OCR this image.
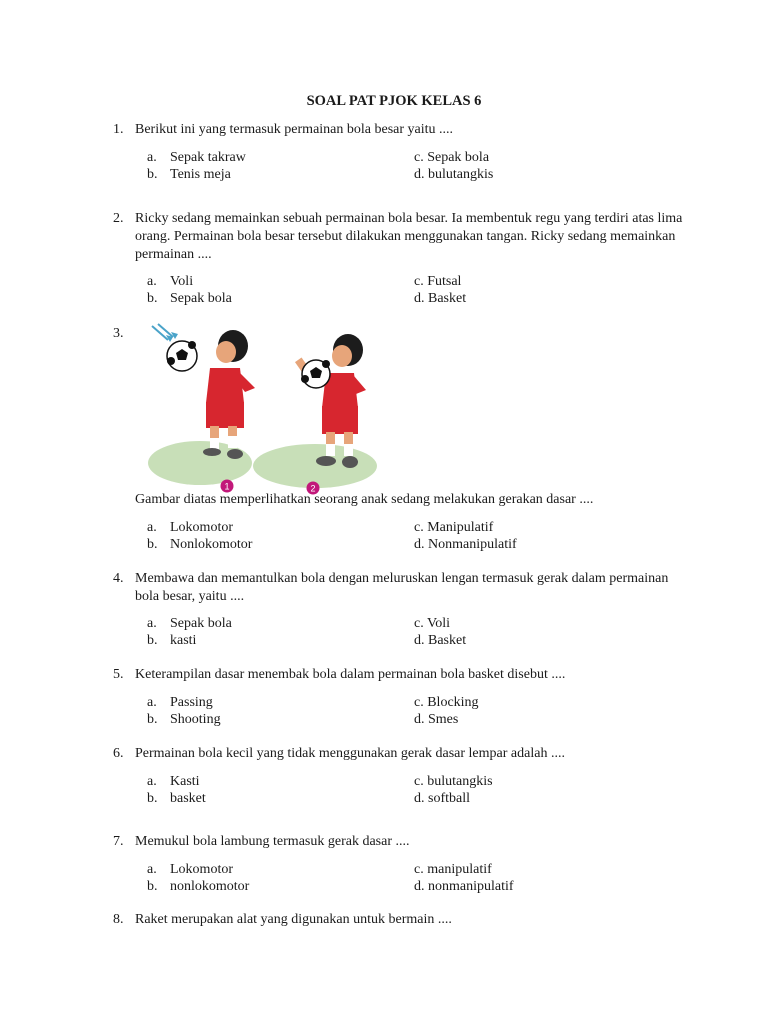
SOAL PAT PJOK KELAS 6
1. Berikut ini yang termasuk permainan bola besar yaitu ....
a. Sepak takraw
b. Tenis meja
c. Sepak bola
d. bulutangkis
2. Ricky sedang memainkan sebuah permainan bola besar. Ia membentuk regu yang terdiri atas lima orang. Permainan bola besar tersebut dilakukan menggunakan tangan. Ricky sedang memainkan permainan ....
a. Voli
b. Sepak bola
c. Futsal
d. Basket
3.
1	2
Gambar diatas memperlihatkan seorang anak sedang melakukan gerakan dasar ....
a. Lokomotor
b. Nonlokomotor
c. Manipulatif
d. Nonmanipulatif
4. Membawa dan memantulkan bola dengan meluruskan lengan termasuk gerak dalam permainan bola besar, yaitu ....
a. Sepak bola
b. kasti
c. Voli
d. Basket
5. Keterampilan dasar menembak bola dalam permainan bola basket disebut ....
a. Passing
b. Shooting
c. Blocking
d. Smes
6. Permainan bola kecil yang tidak menggunakan gerak dasar lempar adalah ....
a. Kasti
b. basket
c. bulutangkis
d. softball
7. Memukul bola lambung termasuk gerak dasar ....
a. Lokomotor
b. nonlokomotor
c. manipulatif
d. nonmanipulatif
8. Raket merupakan alat yang digunakan untuk bermain ....
